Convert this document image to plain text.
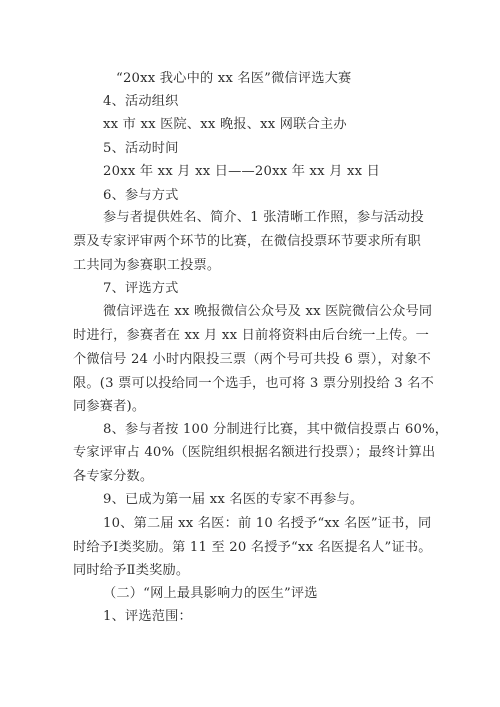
“20xx 我心中的 xx 名医”微信评选大赛
4、活动组织
xx 市 xx 医院、xx 晚报、xx 网联合主办
5、活动时间
20xx 年 xx 月 xx 日——20xx 年 xx 月 xx 日
6、参与方式
参与者提供姓名、简介、1 张清晰工作照，参与活动投
票及专家评审两个环节的比赛，在微信投票环节要求所有职
工共同为参赛职工投票。
7、评选方式
微信评选在 xx 晚报微信公众号及 xx 医院微信公众号同
时进行，参赛者在 xx 月 xx 日前将资料由后台统一上传。一
个微信号 24 小时内限投三票（两个号可共投 6 票），对象不
限。(3 票可以投给同一个选手，也可将 3 票分别投给 3 名不
同参赛者)。
8、参与者按 100 分制进行比赛，其中微信投票占 60%，
专家评审占 40%（医院组织根据名额进行投票）；最终计算出
各专家分数。
9、已成为第一届 xx 名医的专家不再参与。
10、第二届 xx 名医：前 10 名授予“xx 名医”证书，同
时给予Ⅰ类奖励。第 11 至 20 名授予“xx 名医提名人”证书。
同时给予Ⅱ类奖励。
（二）“网上最具影响力的医生”评选
1、评选范围：
